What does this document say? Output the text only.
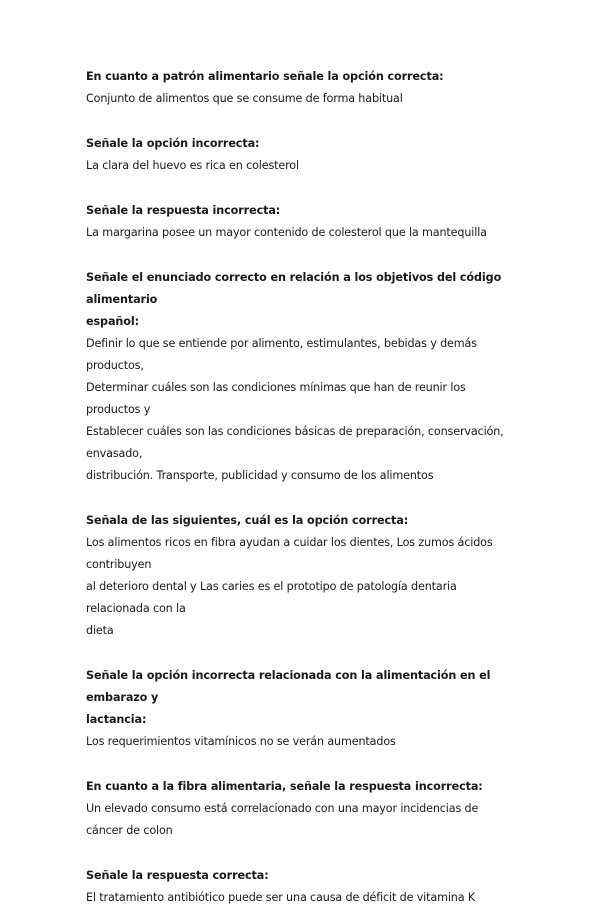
En cuanto a patrón alimentario señale la opción correcta:

Conjunto de alimentos que se consume de forma habitual

Señale la opción incorrecta:

La clara del huevo es rica en colesterol

Señale la respuesta incorrecta:

La margarina posee un mayor contenido de colesterol que la mantequilla

Señale el enunciado correcto en relación a los objetivos del código alimentario

español:

Definir lo que se entiende por alimento, estimulantes, bebidas y demás productos,

Determinar cuáles son las condiciones mínimas que han de reunir los productos y

Establecer cuáles son las condiciones básicas de preparación, conservación, envasado,

distribución. Transporte, publicidad y consumo de los alimentos

Señala de las siguientes, cuál es la opción correcta:

Los alimentos ricos en fibra ayudan a cuidar los dientes, Los zumos ácidos contribuyen

al deterioro dental y Las caries es el prototipo de patología dentaria relacionada con la

dieta

Señale la opción incorrecta relacionada con la alimentación en el embarazo y

lactancia:

Los requerimientos vitamínicos no se verán aumentados

En cuanto a la fibra alimentaria, señale la respuesta incorrecta:

Un elevado consumo está correlacionado con una mayor incidencias de cáncer de colon

Señale la respuesta correcta:

El tratamiento antibiótico puede ser una causa de déficit de vitamina K
